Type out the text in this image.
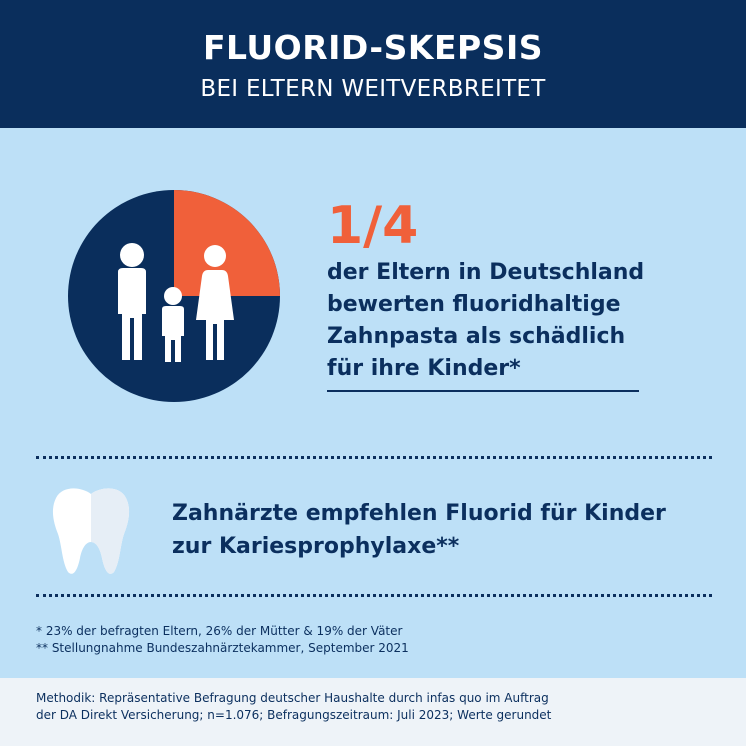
FLUORID-SKEPSIS
BEI ELTERN WEITVERBREITET
1/4
der Eltern in Deutschland
bewerten fluoridhaltige
Zahnpasta als schädlich
für ihre Kinder*
Zahnärzte empfehlen Fluorid für Kinder
zur Kariesprophylaxe**
* 23% der befragten Eltern, 26% der Mütter & 19% der Väter
** Stellungnahme Bundeszahnärztekammer, September 2021
Methodik: Repräsentative Befragung deutscher Haushalte durch infas quo im Auftrag
der DA Direkt Versicherung; n=1.076; Befragungszeitraum: Juli 2023; Werte gerundet
